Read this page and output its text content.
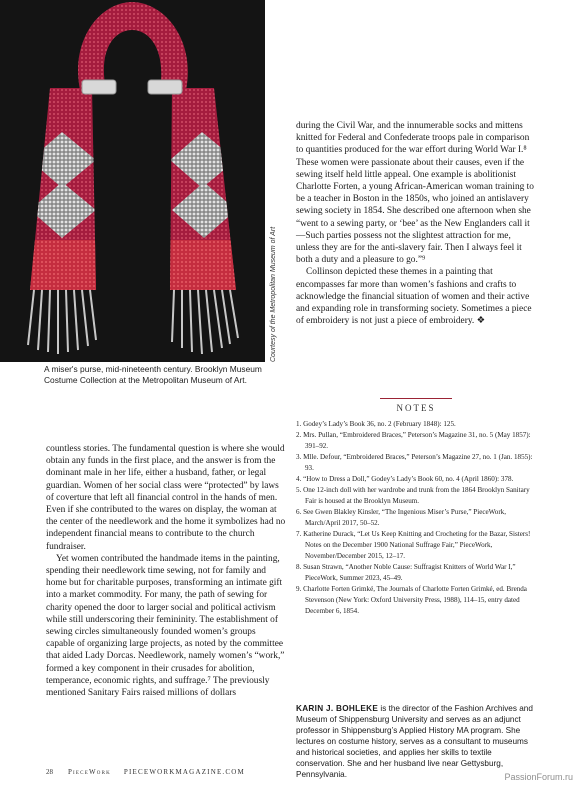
Courtesy of the Metropolitan Museum of Art
A miser's purse, mid-nineteenth century. Brooklyn Museum Costume Collection at the Metropolitan Museum of Art.

during the Civil War, and the innumerable socks and mittens knitted for Federal and Confederate troops pale in comparison to quantities produced for the war effort during World War I.⁸ These women were passionate about their causes, even if the sewing itself held little appeal. One example is abolitionist Charlotte Forten, a young African-American woman training to be a teacher in Boston in the 1850s, who joined an antislavery sewing society in 1854. She described one afternoon when she “went to a sewing party, or ‘bee’ as the New Englanders call it—Such parties possess not the slightest attraction for me, unless they are for the anti-slavery fair. Then I always feel it both a duty and a pleasure to go.”⁹

Collinson depicted these themes in a painting that encompasses far more than women’s fashions and crafts to acknowledge the financial situation of women and their active and expanding role in transforming society. Sometimes a piece of embroidery is not just a piece of embroidery. ❖

countless stories. The fundamental question is where she would obtain any funds in the first place, and the answer is from the dominant male in her life, either a husband, father, or legal guardian. Women of her social class were “protected” by laws of coverture that left all financial control in the hands of men. Even if she contributed to the wares on display, the woman at the center of the needlework and the home it symbolizes had no independent financial means to contribute to the church fundraiser.

Yet women contributed the handmade items in the painting, spending their needlework time sewing, not for family and home but for charitable purposes, transforming an intimate gift into a market commodity. For many, the path of sewing for charity opened the door to larger social and political activism while still underscoring their femininity. The establishment of sewing circles simultaneously founded women’s groups capable of organizing large projects, as noted by the committee that aided Lady Dorcas. Needlework, namely women’s “work,” formed a key component in their crusades for abolition, temperance, economic rights, and suffrage.⁷ The previously mentioned Sanitary Fairs raised millions of dollars

NOTES
1. Godey’s Lady’s Book 36, no. 2 (February 1848): 125.
2. Mrs. Pullan, “Embroidered Braces,” Peterson’s Magazine 31, no. 5 (May 1857): 391–92.
3. Mlle. Defour, “Embroidered Braces,” Peterson’s Magazine 27, no. 1 (Jan. 1855): 93.
4. “How to Dress a Doll,” Godey’s Lady’s Book 60, no. 4 (April 1860): 378.
5. One 12-inch doll with her wardrobe and trunk from the 1864 Brooklyn Sanitary Fair is housed at the Brooklyn Museum.
6. See Gwen Blakley Kinsler, “The Ingenious Miser’s Purse,” PieceWork, March/April 2017, 50–52.
7. Katherine Durack, “Let Us Keep Knitting and Crocheting for the Bazar, Sisters! Notes on the December 1900 National Suffrage Fair,” PieceWork, November/December 2015, 12–17.
8. Susan Strawn, “Another Noble Cause: Suffragist Knitters of World War I,” PieceWork, Summer 2023, 45–49.
9. Charlotte Forten Grimké, The Journals of Charlotte Forten Grimké, ed. Brenda Stevenson (New York: Oxford University Press, 1988), 114–15, entry dated December 6, 1854.
KARIN J. BOHLEKE is the director of the Fashion Archives and Museum of Shippensburg University and serves as an adjunct professor in Shippensburg’s Applied History MA program. She lectures on costume history, serves as a consultant to museums and historical societies, and applies her skills to textile conservation. She and her husband live near Gettysburg, Pennsylvania.
28 PieceWork PIECEWORKMAGAZINE.COM	PassionForum.ru
